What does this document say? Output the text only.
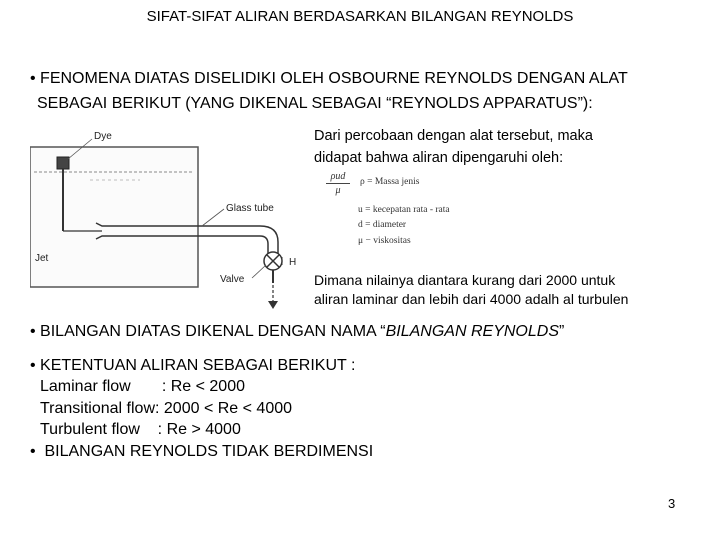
SIFAT-SIFAT ALIRAN BERDASARKAN BILANGAN REYNOLDS
• FENOMENA DIATAS DISELIDIKI OLEH OSBOURNE REYNOLDS DENGAN ALAT
SEBAGAI BERIKUT (YANG DIKENAL SEBAGAI “REYNOLDS APPARATUS”):
Dye
Glass tube
Jet
Valve
H
Dari percobaan dengan alat tersebut, maka
didapat bahwa aliran dipengaruhi oleh:
ρud
μ
ρ = Massa jenis
u = kecepatan rata - rata
d = diameter
μ − viskositas
Dimana nilainya diantara kurang dari 2000 untuk
aliran laminar dan lebih dari 4000 adalh al turbulen
• BILANGAN DIATAS DIKENAL DENGAN NAMA “BILANGAN REYNOLDS”
• KETENTUAN ALIRAN SEBAGAI BERIKUT :
Laminar flow       : Re < 2000
Transitional flow: 2000 < Re < 4000
Turbulent flow    : Re > 4000
•  BILANGAN REYNOLDS TIDAK BERDIMENSI
3
